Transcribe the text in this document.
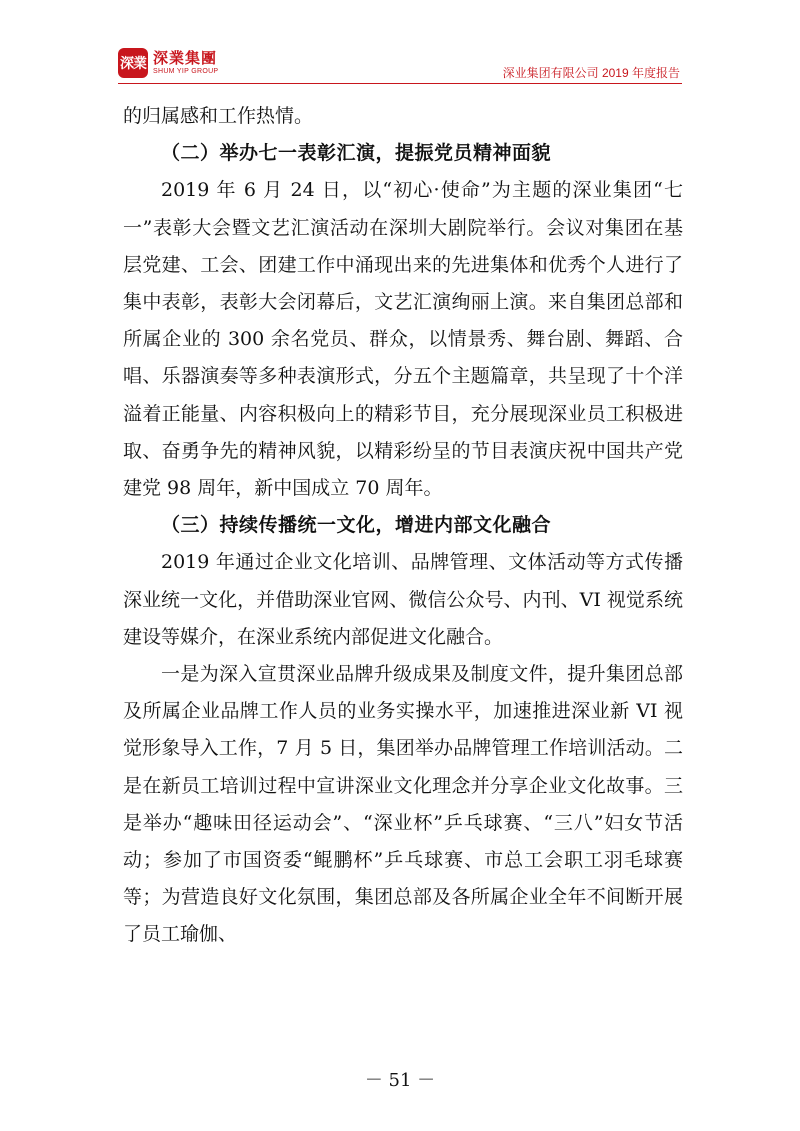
深業 深業集團
SHUM YIP GROUP	深业集团有限公司 2019 年度报告

的归属感和工作热情。

（二）举办七一表彰汇演，提振党员精神面貌

2019 年 6 月 24 日，以“初心·使命”为主题的深业集团“七一”表彰大会暨文艺汇演活动在深圳大剧院举行。会议对集团在基层党建、工会、团建工作中涌现出来的先进集体和优秀个人进行了集中表彰，表彰大会闭幕后，文艺汇演绚丽上演。来自集团总部和所属企业的 300 余名党员、群众，以情景秀、舞台剧、舞蹈、合唱、乐器演奏等多种表演形式，分五个主题篇章，共呈现了十个洋溢着正能量、内容积极向上的精彩节目，充分展现深业员工积极进取、奋勇争先的精神风貌，以精彩纷呈的节目表演庆祝中国共产党建党 98 周年，新中国成立 70 周年。

（三）持续传播统一文化，增进内部文化融合

2019 年通过企业文化培训、品牌管理、文体活动等方式传播深业统一文化，并借助深业官网、微信公众号、内刊、VI 视觉系统建设等媒介，在深业系统内部促进文化融合。

一是为深入宣贯深业品牌升级成果及制度文件，提升集团总部及所属企业品牌工作人员的业务实操水平，加速推进深业新 VI 视觉形象导入工作，7 月 5 日，集团举办品牌管理工作培训活动。二是在新员工培训过程中宣讲深业文化理念并分享企业文化故事。三是举办“趣味田径运动会”、“深业杯”乒乓球赛、“三八”妇女节活动；参加了市国资委“鲲鹏杯”乒乓球赛、市总工会职工羽毛球赛等；为营造良好文化氛围，集团总部及各所属企业全年不间断开展了员工瑜伽、

－ 51 －
